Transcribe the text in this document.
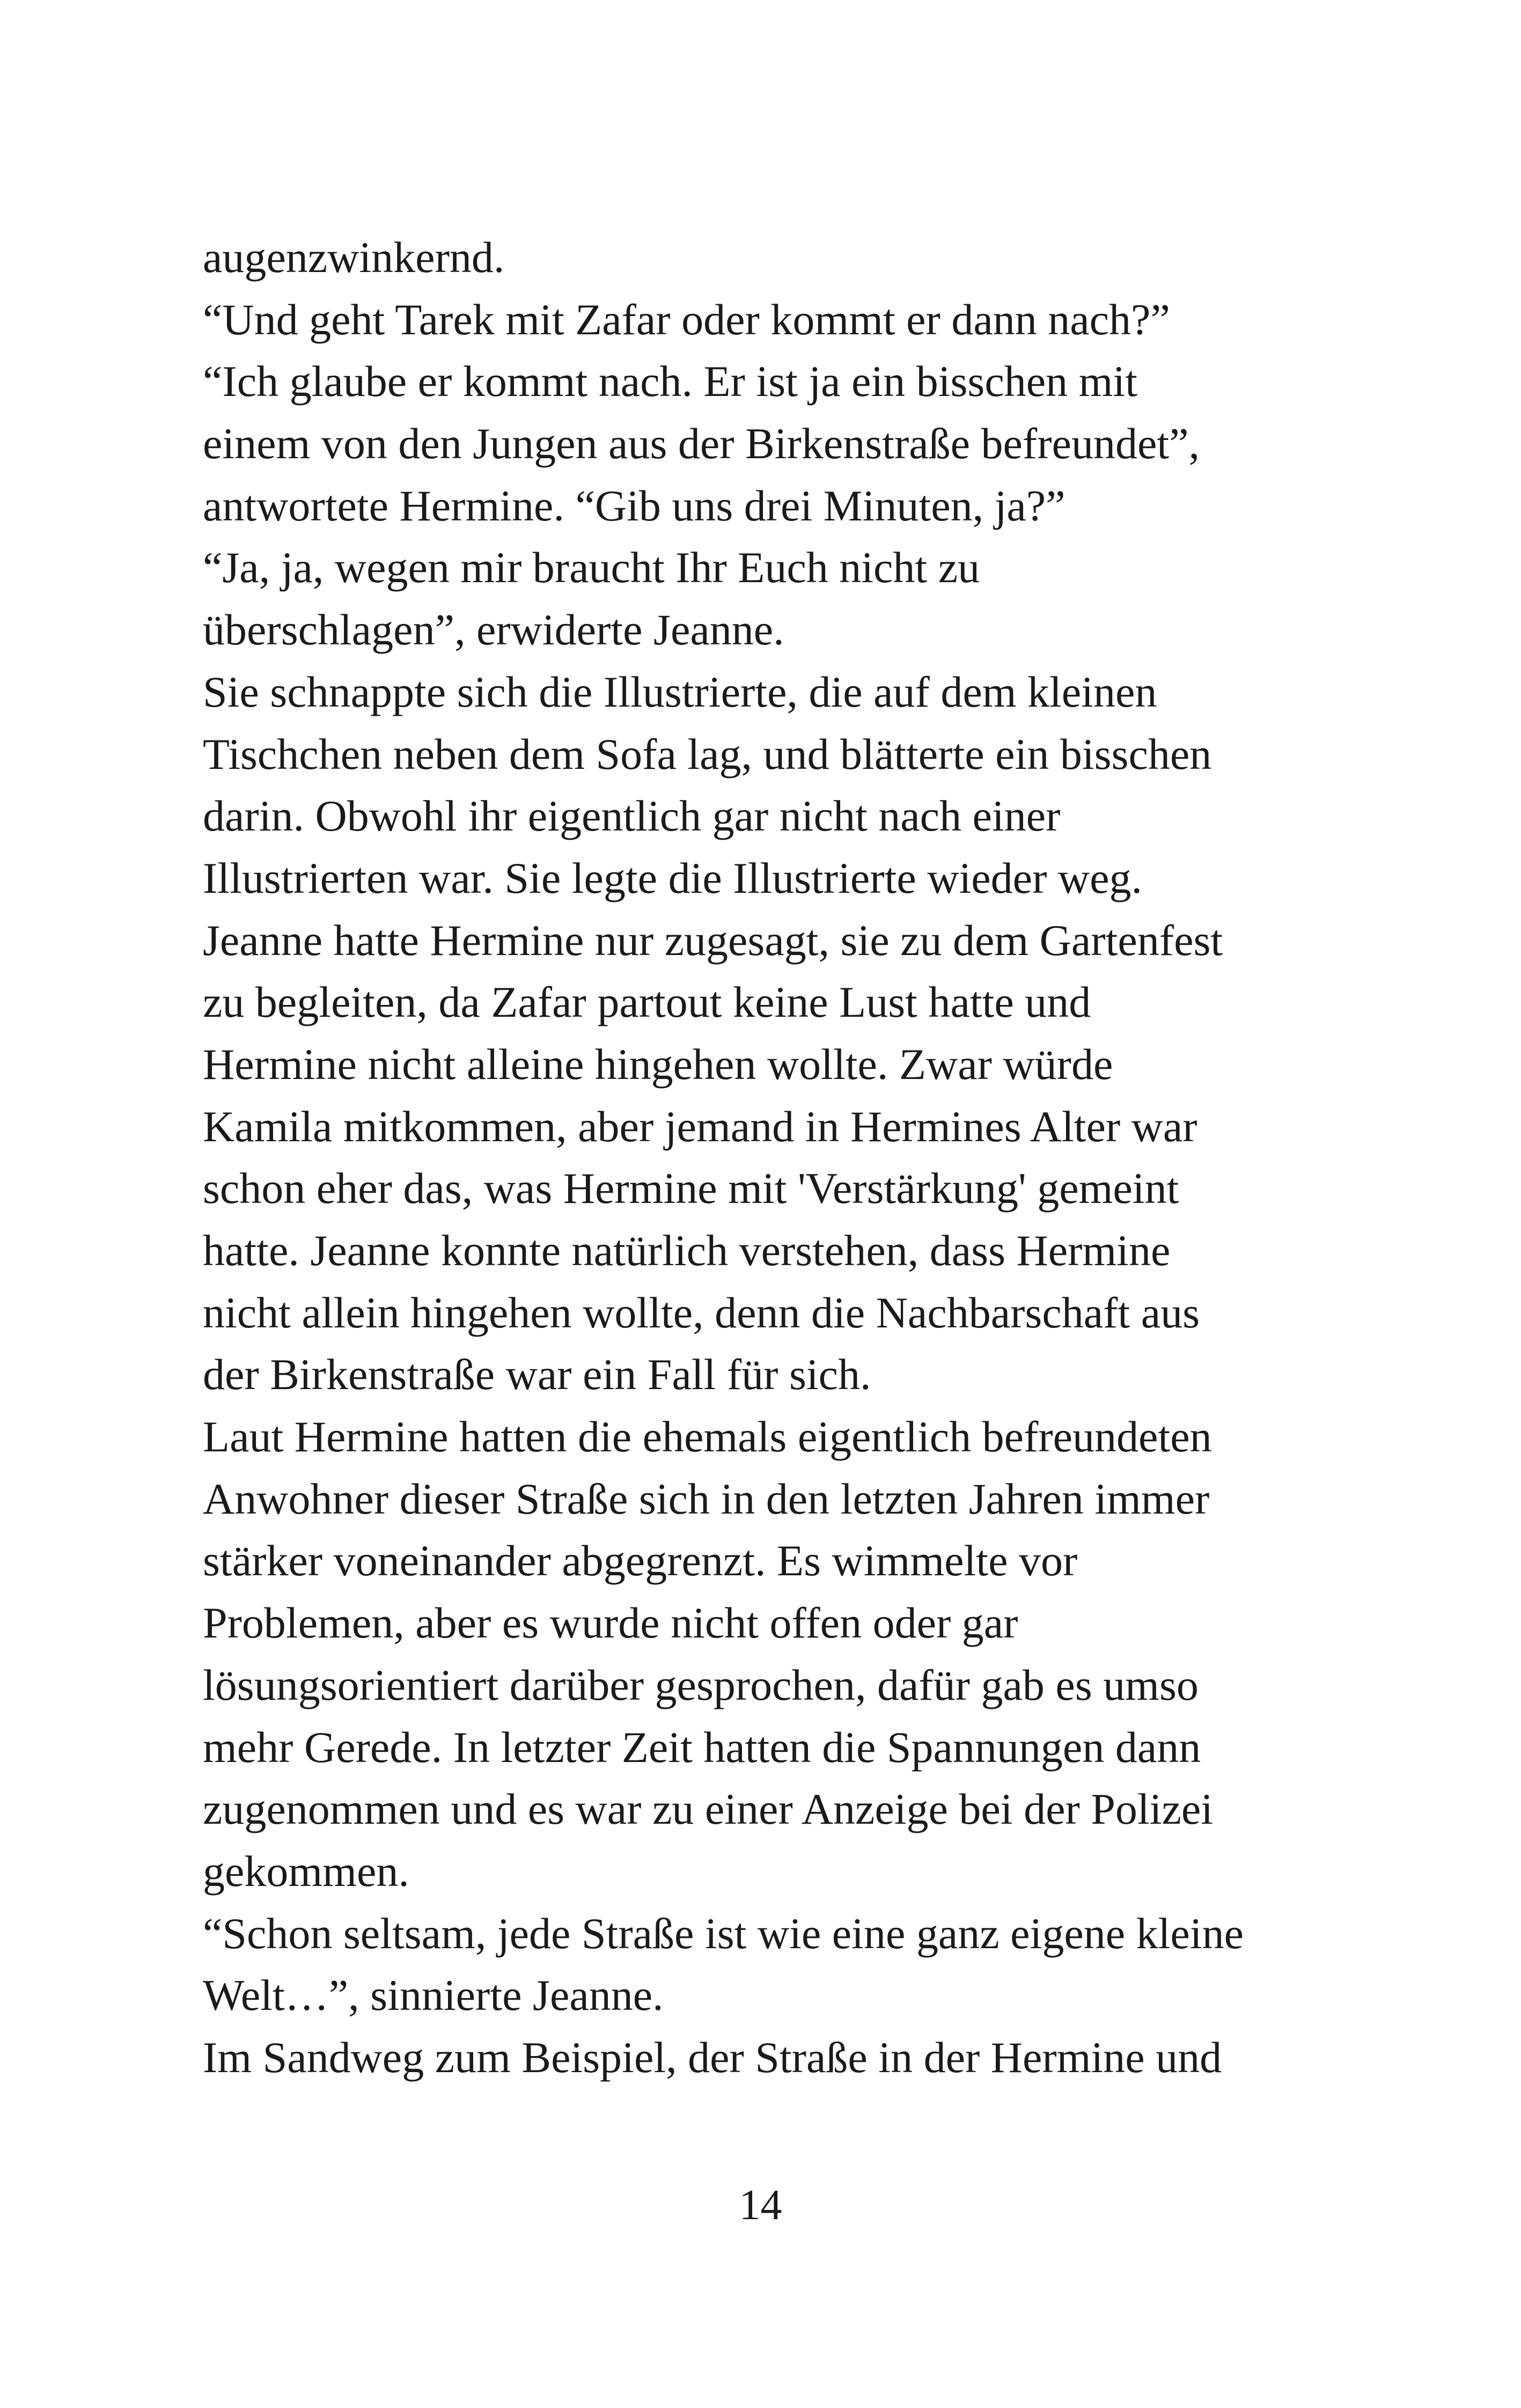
augenzwinkernd.
“Und geht Tarek mit Zafar oder kommt er dann nach?”
“Ich glaube er kommt nach. Er ist ja ein bisschen mit
einem von den Jungen aus der Birkenstraße befreundet”,
antwortete Hermine. “Gib uns drei Minuten, ja?”
“Ja, ja, wegen mir braucht Ihr Euch nicht zu
überschlagen”, erwiderte Jeanne.
Sie schnappte sich die Illustrierte, die auf dem kleinen
Tischchen neben dem Sofa lag, und blätterte ein bisschen
darin. Obwohl ihr eigentlich gar nicht nach einer
Illustrierten war. Sie legte die Illustrierte wieder weg.
Jeanne hatte Hermine nur zugesagt, sie zu dem Gartenfest
zu begleiten, da Zafar partout keine Lust hatte und
Hermine nicht alleine hingehen wollte. Zwar würde
Kamila mitkommen, aber jemand in Hermines Alter war
schon eher das, was Hermine mit 'Verstärkung' gemeint
hatte. Jeanne konnte natürlich verstehen, dass Hermine
nicht allein hingehen wollte, denn die Nachbarschaft aus
der Birkenstraße war ein Fall für sich.
Laut Hermine hatten die ehemals eigentlich befreundeten
Anwohner dieser Straße sich in den letzten Jahren immer
stärker voneinander abgegrenzt. Es wimmelte vor
Problemen, aber es wurde nicht offen oder gar
lösungsorientiert darüber gesprochen, dafür gab es umso
mehr Gerede. In letzter Zeit hatten die Spannungen dann
zugenommen und es war zu einer Anzeige bei der Polizei
gekommen.
“Schon seltsam, jede Straße ist wie eine ganz eigene kleine
Welt…”, sinnierte Jeanne.
Im Sandweg zum Beispiel, der Straße in der Hermine und
14
